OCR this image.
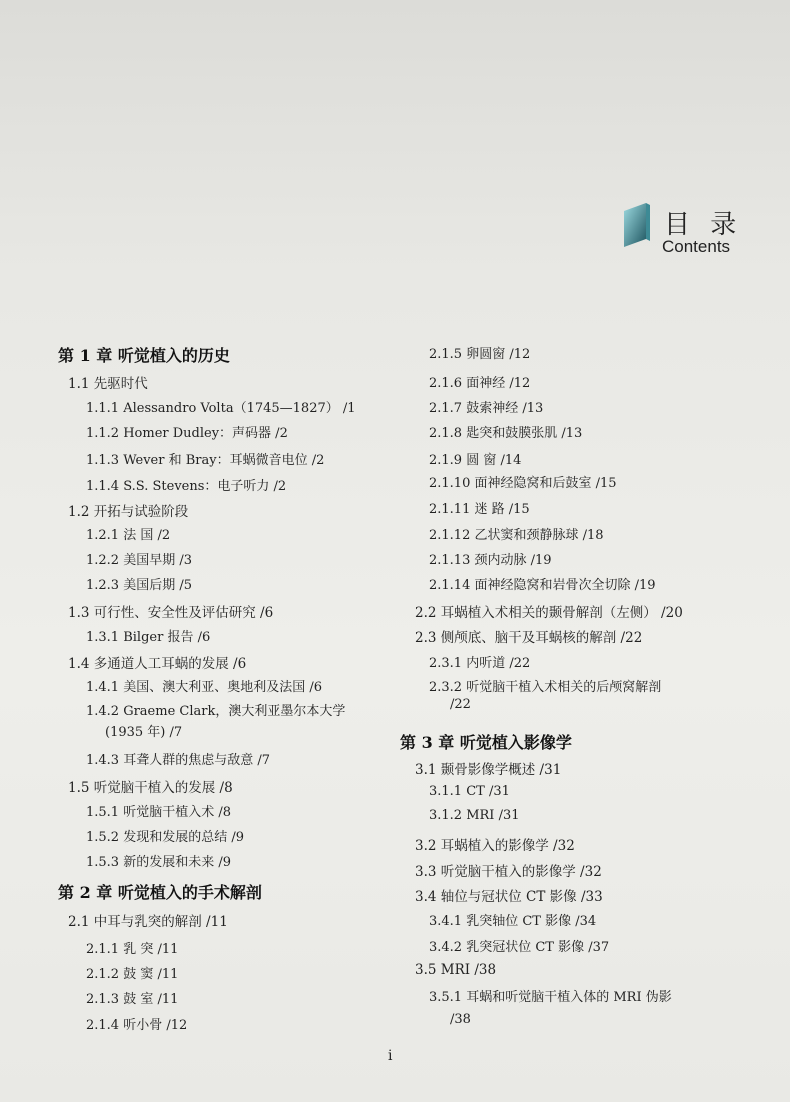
目 录
Contents
第 1 章 听觉植入的历史
1.1 先驱时代
1.1.1 Alessandro Volta（1745—1827） /1
1.1.2 Homer Dudley：声码器 /2
1.1.3 Wever 和 Bray：耳蜗微音电位 /2
1.1.4 S.S. Stevens：电子听力 /2
1.2 开拓与试验阶段
1.2.1 法 国 /2
1.2.2 美国早期 /3
1.2.3 美国后期 /5
1.3 可行性、安全性及评估研究 /6
1.3.1 Bilger 报告 /6
1.4 多通道人工耳蜗的发展 /6
1.4.1 美国、澳大利亚、奥地利及法国 /6
1.4.2 Graeme Clark，澳大利亚墨尔本大学
(1935 年) /7
1.4.3 耳聋人群的焦虑与敌意 /7
1.5 听觉脑干植入的发展 /8
1.5.1 听觉脑干植入术 /8
1.5.2 发现和发展的总结 /9
1.5.3 新的发展和未来 /9
第 2 章 听觉植入的手术解剖
2.1 中耳与乳突的解剖 /11
2.1.1 乳 突 /11
2.1.2 鼓 窦 /11
2.1.3 鼓 室 /11
2.1.4 听小骨 /12
2.1.5 卵圆窗 /12
2.1.6 面神经 /12
2.1.7 鼓索神经 /13
2.1.8 匙突和鼓膜张肌 /13
2.1.9 圆 窗 /14
2.1.10 面神经隐窝和后鼓室 /15
2.1.11 迷 路 /15
2.1.12 乙状窦和颈静脉球 /18
2.1.13 颈内动脉 /19
2.1.14 面神经隐窝和岩骨次全切除 /19
2.2 耳蜗植入术相关的颞骨解剖（左侧） /20
2.3 侧颅底、脑干及耳蜗核的解剖 /22
2.3.1 内听道 /22
2.3.2 听觉脑干植入术相关的后颅窝解剖
/22
第 3 章 听觉植入影像学
3.1 颞骨影像学概述 /31
3.1.1 CT /31
3.1.2 MRI /31
3.2 耳蜗植入的影像学 /32
3.3 听觉脑干植入的影像学 /32
3.4 轴位与冠状位 CT 影像 /33
3.4.1 乳突轴位 CT 影像 /34
3.4.2 乳突冠状位 CT 影像 /37
3.5 MRI /38
3.5.1 耳蜗和听觉脑干植入体的 MRI 伪影
/38
i
